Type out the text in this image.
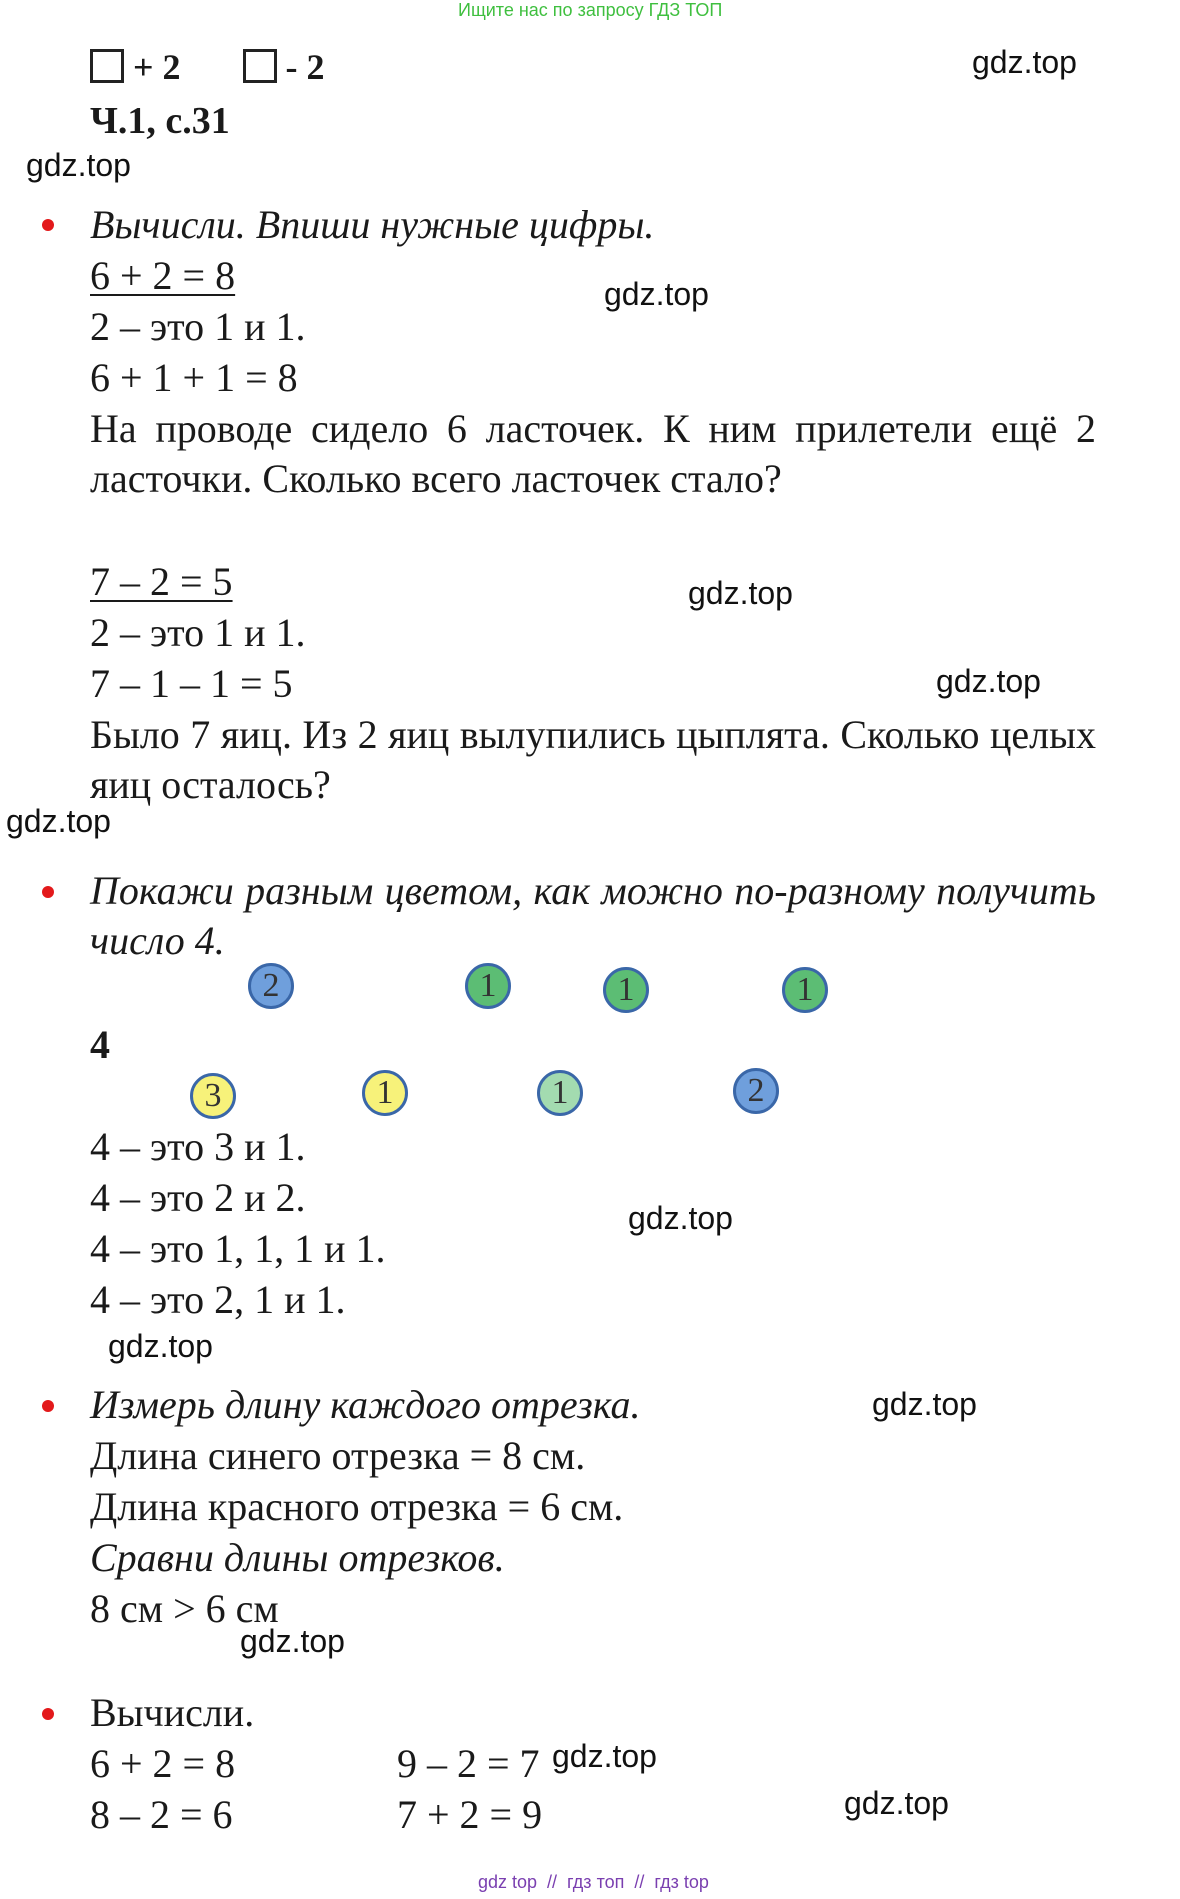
Ищите нас по запросу ГДЗ ТОП
+ 2	- 2
Ч.1, с.31
gdz.top
gdz.top
gdz.top
gdz.top
gdz.top
gdz.top
gdz.top
gdz.top
gdz.top
gdz.top
gdz.top
gdz.top
Вычисли. Впиши нужные цифры.
6 + 2 = 8
2 – это 1 и 1.
6 + 1 + 1 = 8
На проводе сидело 6 ласточек. К ним прилетели ещё 2 ласточки. Сколько всего ласточек стало?
7 – 2 = 5
2 – это 1 и 1.
7 – 1 – 1 = 5
Было 7 яиц. Из 2 яиц вылупились цыплята. Сколько целых яиц осталось?
Покажи разным цветом, как можно по-разному получить число 4.
2	1	1	1
4
3	1	1	2
4 – это 3 и 1.
4 – это 2 и 2.
4 – это 1, 1, 1 и 1.
4 – это 2, 1 и 1.
Измерь длину каждого отрезка.
Длина синего отрезка = 8 см.
Длина красного отрезка = 6 см.
Сравни длины отрезков.
8 см > 6 см
Вычисли.
6 + 2 = 8	9 – 2 = 7
8 – 2 = 6	7 + 2 = 9
gdz top  //  гдз топ  //  гдз top
